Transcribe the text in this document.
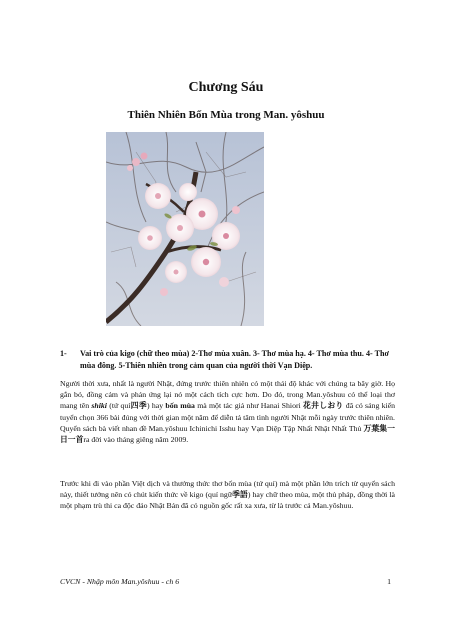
Chương Sáu
Thiên Nhiên Bốn Mùa trong Man. yôshuu
1- Vai trò của kigo (chữ theo mùa) 2-Thơ mùa xuân. 3- Thơ mùa hạ. 4- Thơ mùa thu. 4- Thơ mùa đông. 5-Thiên nhiên trong cảm quan của người thời Vạn Diệp.
Người thời xưa, nhất là người Nhật, đứng trước thiên nhiên có một thái độ khác với chúng ta bây giờ. Họ gắn bó, đồng cảm và phản ứng lại nó một cách tích cực hơn. Do đó, trong Man.yôshuu có thể loại thơ mang tên shiki (tứ quí四季) hay bốn mùa mà một tác giả như Hanai Shiori 花井しおり đã có sáng kiến tuyển chọn 366 bài đúng với thời gian một năm để diễn tả tâm tình người Nhật mỗi ngày trước thiên nhiên. Quyển sách bà viết nhan đề Man.yôshuu Ichinichi Isshu hay Vạn Diệp Tập Nhất Nhật Nhất Thủ 万葉集一日一首ra đời vào tháng giêng năm 2009.
Trước khi đi vào phần Việt dịch và thưởng thức thơ bốn mùa (tứ quí) mà một phần lớn trích từ quyển sách này, thiết tưởng nên có chút kiến thức về kigo (quí ngữ季語) hay chữ theo mùa, một thủ pháp, đồng thời là một phạm trù thi ca độc đáo Nhật Bản đã có nguồn gốc rất xa xưa, từ là trước cả Man.yôshuu.
CVCN - Nhập môn Man.yôshuu - ch 6	1
